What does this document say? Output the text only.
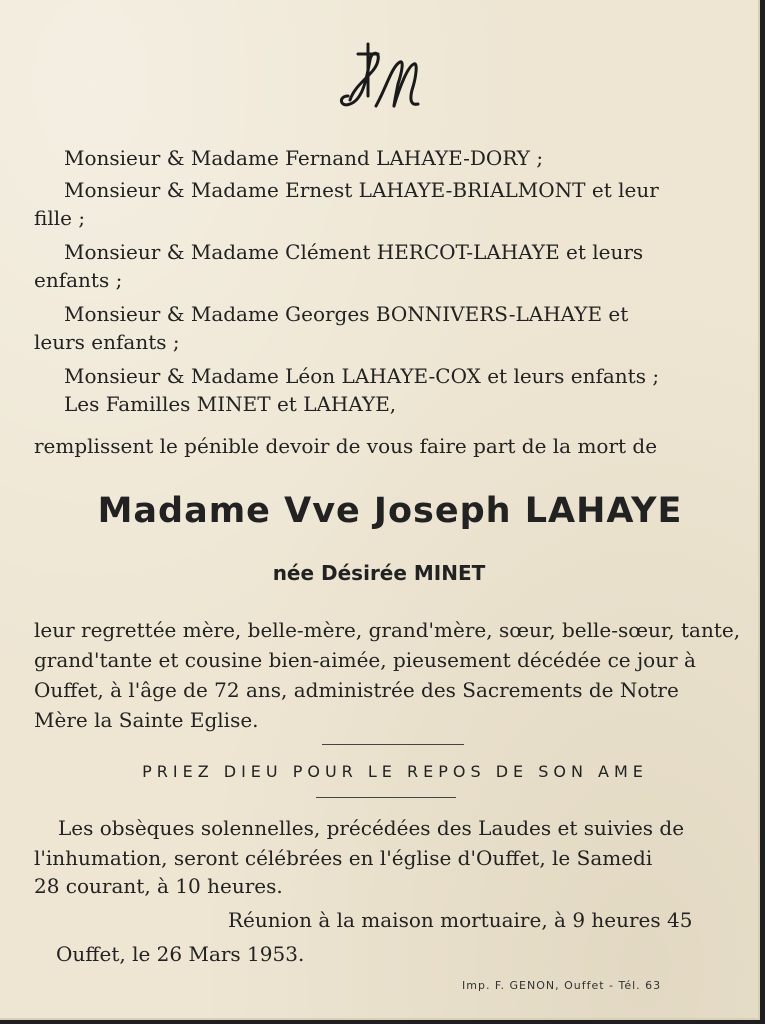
Monsieur & Madame Fernand LAHAYE-DORY ;
Monsieur & Madame Ernest LAHAYE-BRIALMONT et leur
fille ;
Monsieur & Madame Clément HERCOT-LAHAYE et leurs
enfants ;
Monsieur & Madame Georges BONNIVERS-LAHAYE et
leurs enfants ;
Monsieur & Madame Léon LAHAYE-COX et leurs enfants ;
Les Familles MINET et LAHAYE,
remplissent le pénible devoir de vous faire part de la mort de
Madame Vve Joseph LAHAYE
née Désirée MINET
leur regrettée mère, belle-mère, grand'mère, sœur, belle-sœur, tante,
grand'tante et cousine bien-aimée, pieusement décédée ce jour à
Ouffet, à l'âge de 72 ans, administrée des Sacrements de Notre
Mère la Sainte Eglise.
PRIEZ DIEU POUR LE REPOS DE SON AME
Les obsèques solennelles, précédées des Laudes et suivies de
l'inhumation, seront célébrées en l'église d'Ouffet, le Samedi
28 courant, à 10 heures.
Réunion à la maison mortuaire, à 9 heures 45
Ouffet, le 26 Mars 1953.
Imp. F. GENON, Ouffet - Tél. 63
